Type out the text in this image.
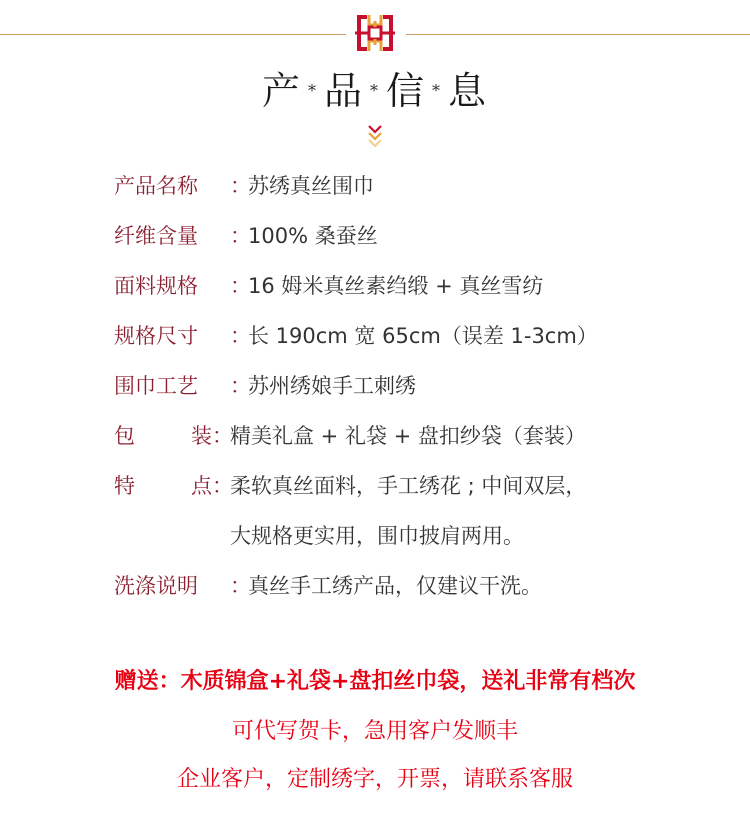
产 * 品 * 信 * 息
产品名称 ：苏绣真丝围巾
纤维含量 ：100% 桑蚕丝
面料规格 ：16 姆米真丝素绉缎 + 真丝雪纺
规格尺寸 ：长 190cm 宽 65cm（误差 1-3cm）
围巾工艺 ：苏州绣娘手工刺绣
包装：精美礼盒 + 礼袋 + 盘扣纱袋（套装）
特点：柔软真丝面料，手工绣花 ; 中间双层，
大规格更实用，围巾披肩两用。
洗涤说明 ：真丝手工绣产品，仅建议干洗。
赠送：木质锦盒+礼袋+盘扣丝巾袋，送礼非常有档次
可代写贺卡，急用客户发顺丰
企业客户，定制绣字，开票，请联系客服
